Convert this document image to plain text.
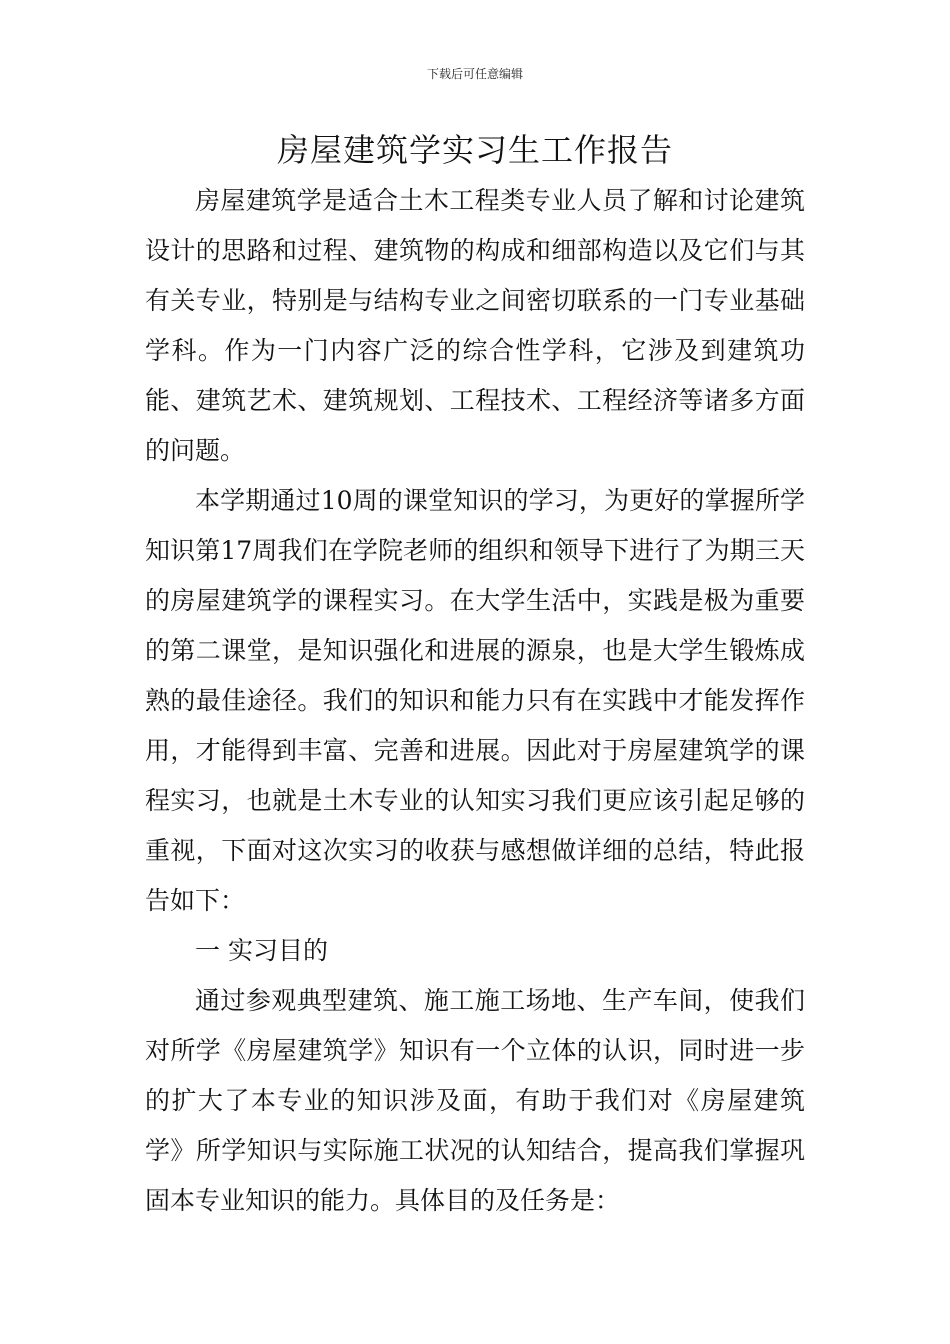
下载后可任意编辑
房屋建筑学实习生工作报告

房屋建筑学是适合土木工程类专业人员了解和讨论建筑设计的思路和过程、建筑物的构成和细部构造以及它们与其有关专业，特别是与结构专业之间密切联系的一门专业基础学科。作为一门内容广泛的综合性学科，它涉及到建筑功能、建筑艺术、建筑规划、工程技术、工程经济等诸多方面的问题。

本学期通过10周的课堂知识的学习，为更好的掌握所学知识第17周我们在学院老师的组织和领导下进行了为期三天的房屋建筑学的课程实习。在大学生活中，实践是极为重要的第二课堂，是知识强化和进展的源泉，也是大学生锻炼成熟的最佳途径。我们的知识和能力只有在实践中才能发挥作用，才能得到丰富、完善和进展。因此对于房屋建筑学的课程实习，也就是土木专业的认知实习我们更应该引起足够的重视，下面对这次实习的收获与感想做详细的总结，特此报告如下：

一 实习目的

通过参观典型建筑、施工施工场地、生产车间，使我们对所学《房屋建筑学》知识有一个立体的认识，同时进一步的扩大了本专业的知识涉及面，有助于我们对《房屋建筑学》所学知识与实际施工状况的认知结合，提高我们掌握巩固本专业知识的能力。具体目的及任务是：
